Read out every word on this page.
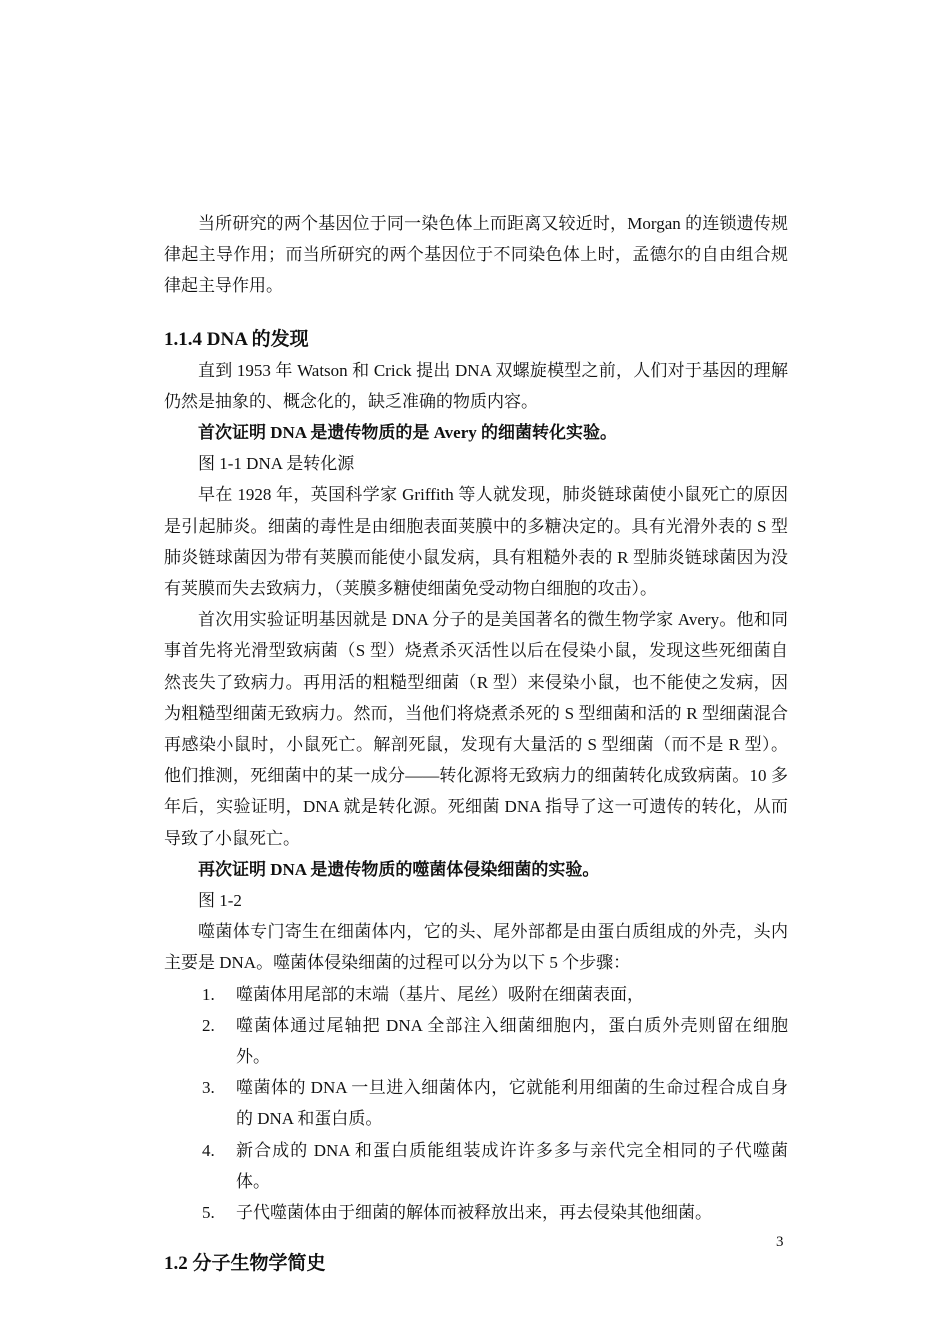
当所研究的两个基因位于同一染色体上而距离又较近时，Morgan 的连锁遗传规律起主导作用；而当所研究的两个基因位于不同染色体上时，孟德尔的自由组合规律起主导作用。

1.1.4 DNA 的发现

直到 1953 年 Watson 和 Crick 提出 DNA 双螺旋模型之前，人们对于基因的理解仍然是抽象的、概念化的，缺乏准确的物质内容。

首次证明 DNA 是遗传物质的是 Avery 的细菌转化实验。

图 1-1 DNA 是转化源

早在 1928 年，英国科学家 Griffith 等人就发现，肺炎链球菌使小鼠死亡的原因是引起肺炎。细菌的毒性是由细胞表面荚膜中的多糖决定的。具有光滑外表的 S 型肺炎链球菌因为带有荚膜而能使小鼠发病，具有粗糙外表的 R 型肺炎链球菌因为没有荚膜而失去致病力，（荚膜多糖使细菌免受动物白细胞的攻击）。

首次用实验证明基因就是 DNA 分子的是美国著名的微生物学家 Avery。他和同事首先将光滑型致病菌（S 型）烧煮杀灭活性以后在侵染小鼠，发现这些死细菌自然丧失了致病力。再用活的粗糙型细菌（R 型）来侵染小鼠，也不能使之发病，因为粗糙型细菌无致病力。然而，当他们将烧煮杀死的 S 型细菌和活的 R 型细菌混合再感染小鼠时，小鼠死亡。解剖死鼠，发现有大量活的 S 型细菌（而不是 R 型）。他们推测，死细菌中的某一成分——转化源将无致病力的细菌转化成致病菌。10 多年后，实验证明，DNA 就是转化源。死细菌 DNA 指导了这一可遗传的转化，从而导致了小鼠死亡。

再次证明 DNA 是遗传物质的噬菌体侵染细菌的实验。

图 1-2

噬菌体专门寄生在细菌体内，它的头、尾外部都是由蛋白质组成的外壳，头内主要是 DNA。噬菌体侵染细菌的过程可以分为以下 5 个步骤：

1. 噬菌体用尾部的末端（基片、尾丝）吸附在细菌表面，
2. 噬菌体通过尾轴把 DNA 全部注入细菌细胞内，蛋白质外壳则留在细胞外。
3. 噬菌体的 DNA 一旦进入细菌体内，它就能利用细菌的生命过程合成自身的 DNA 和蛋白质。
4. 新合成的 DNA 和蛋白质能组装成许许多多与亲代完全相同的子代噬菌体。
5. 子代噬菌体由于细菌的解体而被释放出来，再去侵染其他细菌。
1.2 分子生物学简史
3
